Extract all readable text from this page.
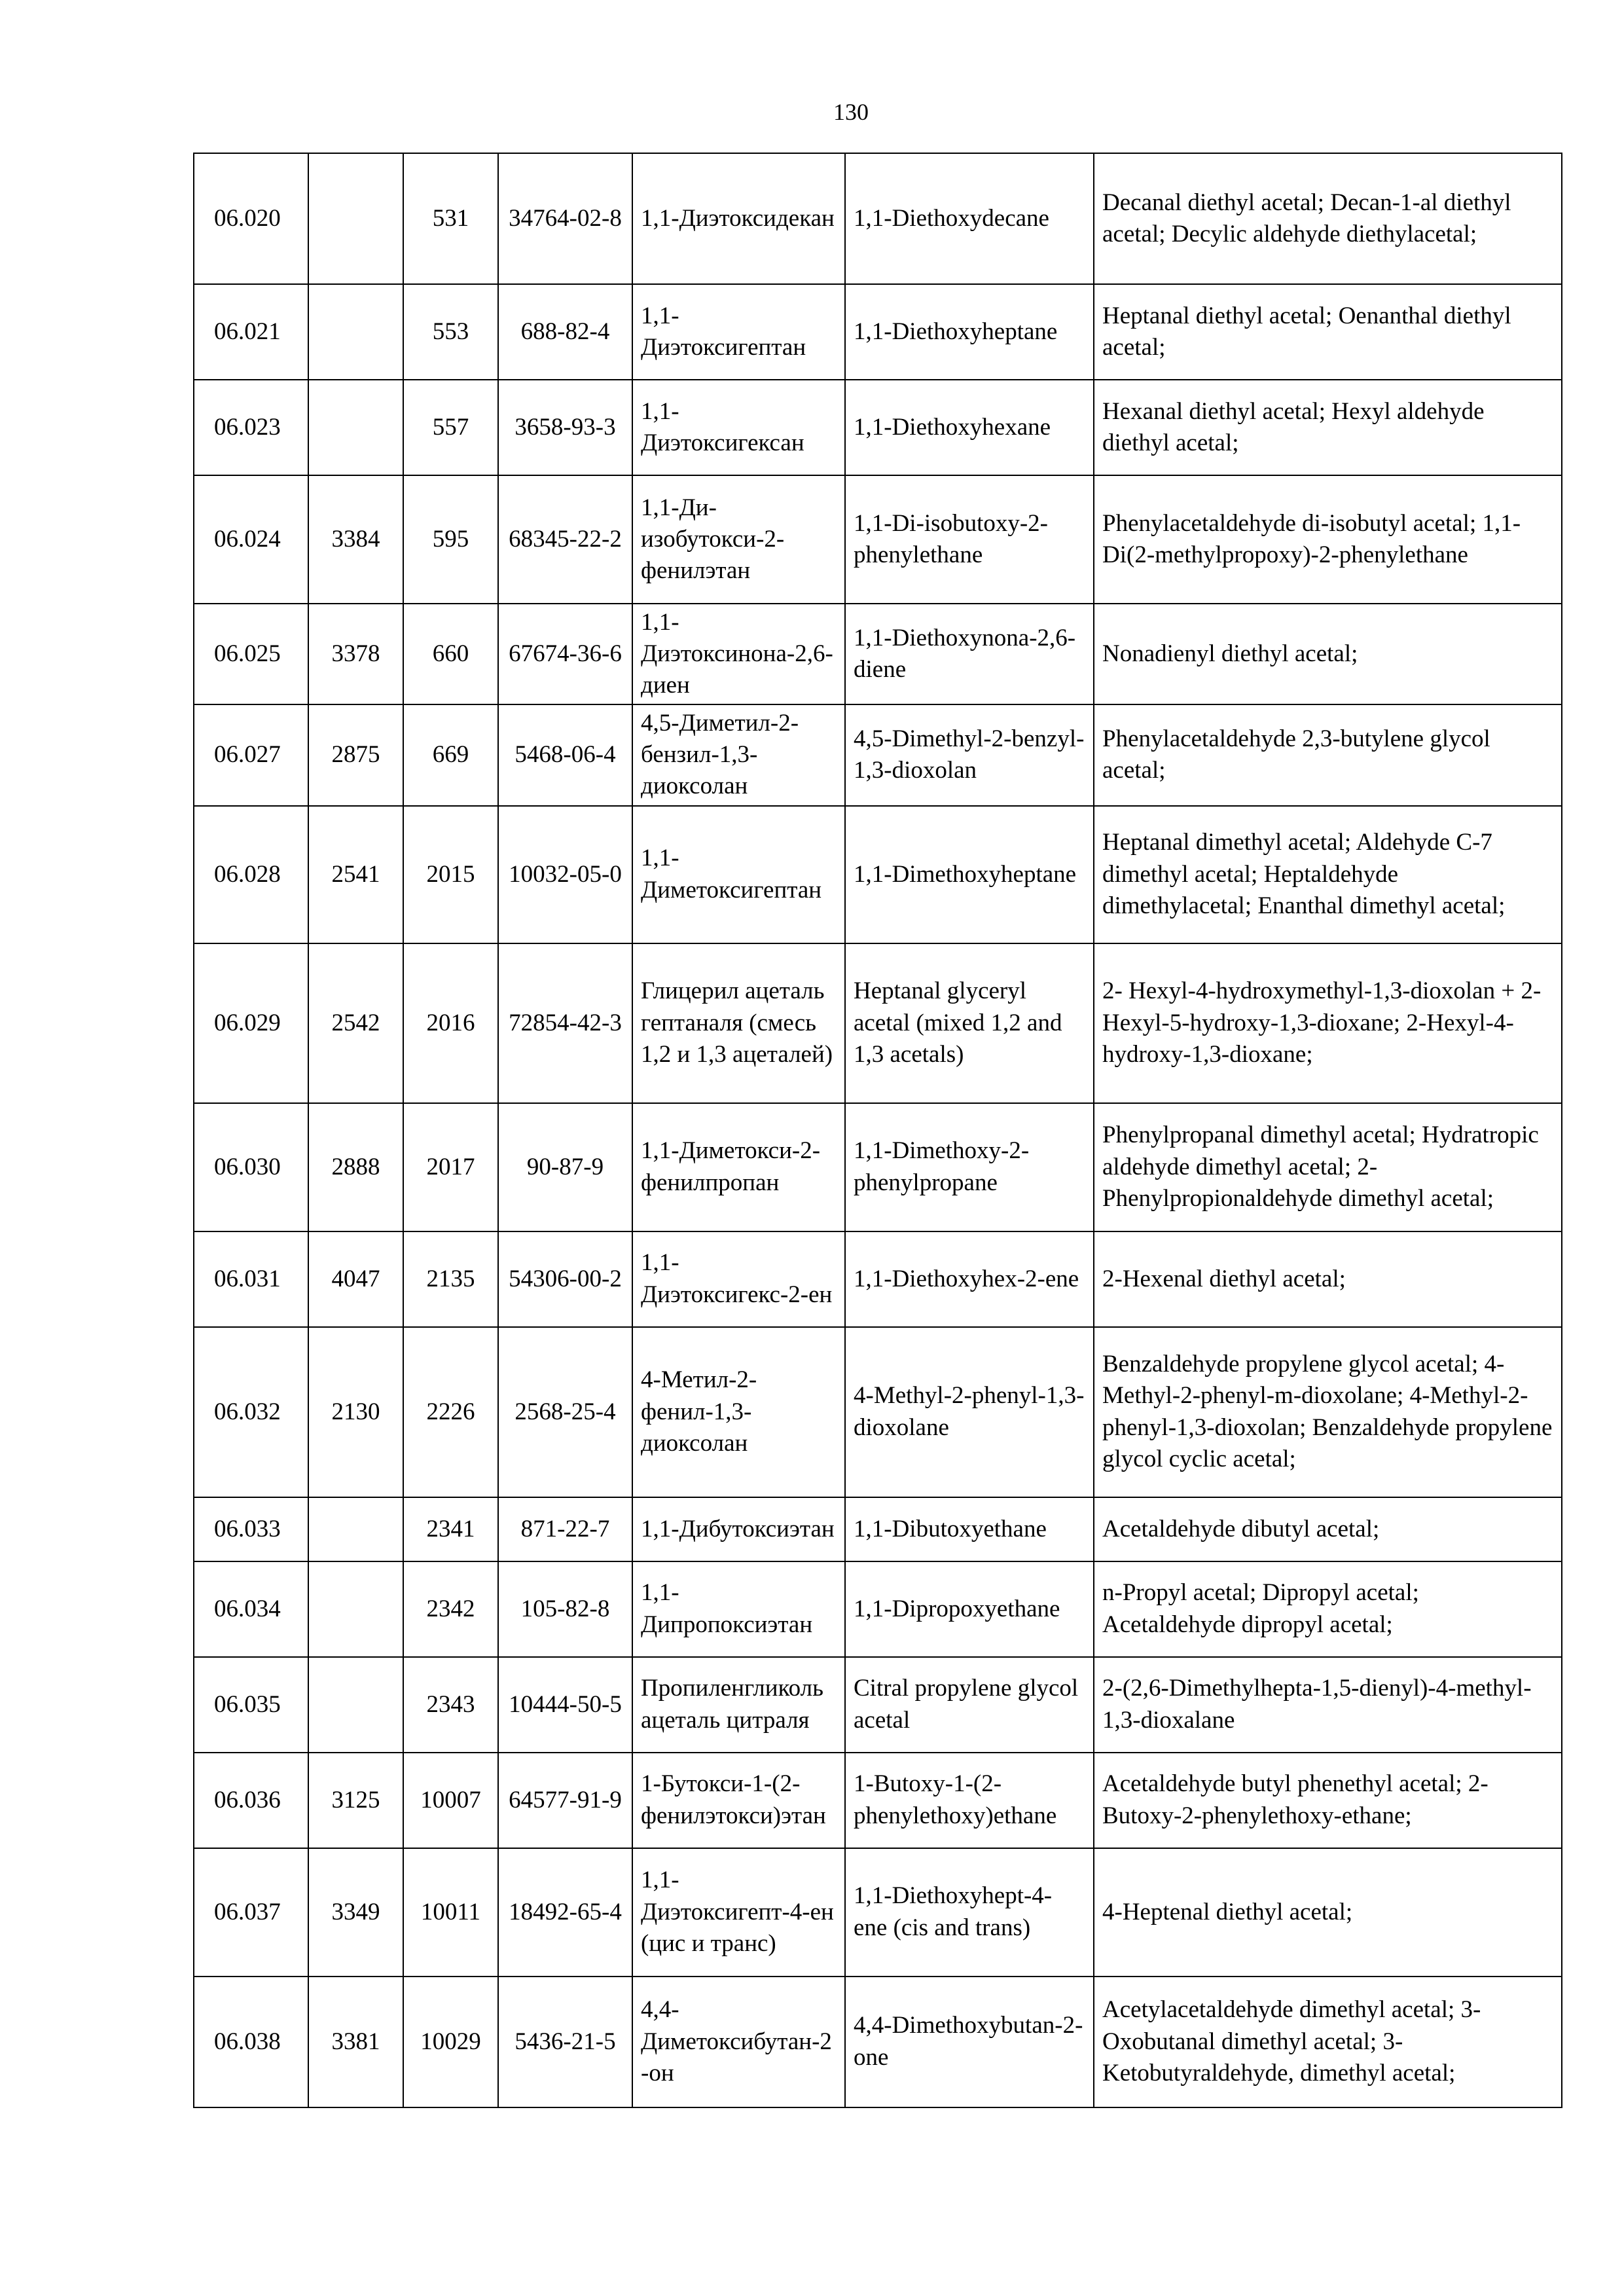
130
06.020		531	34764-02-8	1,1-Диэтоксидекан	1,1-Diethoxydecane	Decanal diethyl acetal; Decan-1-al diethyl acetal; Decylic aldehyde diethylacetal;
06.021		553	688-82-4	1,1-Диэтоксигептан	1,1-Diethoxyheptane	Heptanal diethyl acetal; Oenanthal diethyl acetal;
06.023		557	3658-93-3	1,1-Диэтоксигексан	1,1-Diethoxyhexane	Hexanal diethyl acetal; Hexyl aldehyde diethyl acetal;
06.024	3384	595	68345-22-2	1,1-Ди-изобутокси-2-фенилэтан	1,1-Di-isobutoxy-2-phenylethane	Phenylacetaldehyde di-isobutyl acetal; 1,1-Di(2-methylpropoxy)-2-phenylethane
06.025	3378	660	67674-36-6	1,1-Диэтоксинона-2,6-диен	1,1-Diethoxynona-2,6-diene	Nonadienyl diethyl acetal;
06.027	2875	669	5468-06-4	4,5-Диметил-2-бензил-1,3-диоксолан	4,5-Dimethyl-2-benzyl-1,3-dioxolan	Phenylacetaldehyde 2,3-butylene glycol acetal;
06.028	2541	2015	10032-05-0	1,1-Диметоксигептан	1,1-Dimethoxyheptane	Heptanal dimethyl acetal; Aldehyde C-7 dimethyl acetal; Heptaldehyde dimethylacetal; Enanthal dimethyl acetal;
06.029	2542	2016	72854-42-3	Глицерил ацеталь гептаналя (смесь 1,2 и 1,3 ацеталей)	Heptanal glyceryl acetal (mixed 1,2 and 1,3 acetals)	2- Hexyl-4-hydroxymethyl-1,3-dioxolan + 2- Hexyl-5-hydroxy-1,3-dioxane; 2-Hexyl-4-hydroxy-1,3-dioxane;
06.030	2888	2017	90-87-9	1,1-Диметокси-2-фенилпропан	1,1-Dimethoxy-2-phenylpropane	Phenylpropanal dimethyl acetal; Hydratropic aldehyde dimethyl acetal; 2- Phenylpropionaldehyde dimethyl acetal;
06.031	4047	2135	54306-00-2	1,1-Диэтоксигекс-2-ен	1,1-Diethoxyhex-2-ene	2-Hexenal diethyl acetal;
06.032	2130	2226	2568-25-4	4-Метил-2-фенил-1,3-диоксолан	4-Methyl-2-phenyl-1,3-dioxolane	Benzaldehyde propylene glycol acetal; 4-Methyl-2-phenyl-m-dioxolane; 4-Methyl-2-phenyl-1,3-dioxolan; Benzaldehyde propylene glycol cyclic acetal;
06.033		2341	871-22-7	1,1-Дибутоксиэтан	1,1-Dibutoxyethane	Acetaldehyde dibutyl acetal;
06.034		2342	105-82-8	1,1-Дипропоксиэтан	1,1-Dipropoxyethane	n-Propyl acetal; Dipropyl acetal; Acetaldehyde dipropyl acetal;
06.035		2343	10444-50-5	Пропиленгликоль ацеталь цитраля	Citral propylene glycol acetal	2-(2,6-Dimethylhepta-1,5-dienyl)-4-methyl-1,3-dioxalane
06.036	3125	10007	64577-91-9	1-Бутокси-1-(2-фенилэтокси)этан	1-Butoxy-1-(2-phenylethoxy)ethane	Acetaldehyde butyl phenethyl acetal; 2-Butoxy-2-phenylethoxy-ethane;
06.037	3349	10011	18492-65-4	1,1-Диэтоксигепт-4-ен (цис и транс)	1,1-Diethoxyhept-4-ene (cis and trans)	4-Heptenal diethyl acetal;
06.038	3381	10029	5436-21-5	4,4-Диметоксибутан-2-он	4,4-Dimethoxybutan-2-one	Acetylacetaldehyde dimethyl acetal; 3-Oxobutanal dimethyl acetal; 3-Ketobutyraldehyde, dimethyl acetal;
